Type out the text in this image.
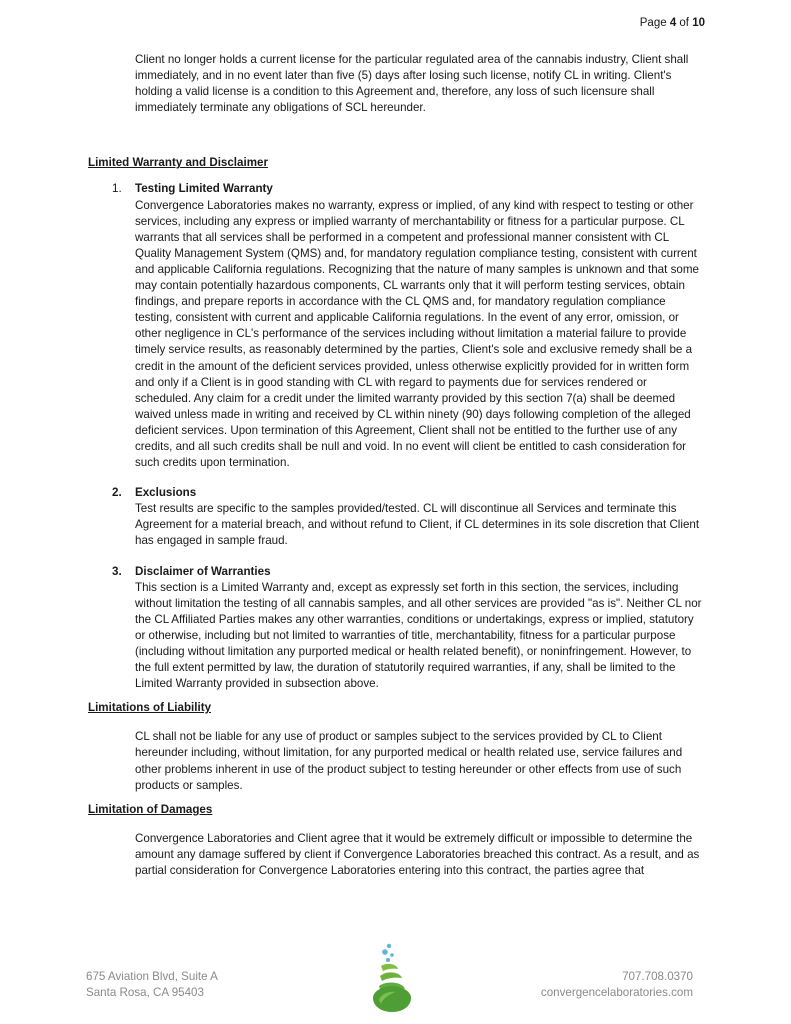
Page 4 of 10

Client no longer holds a current license for the particular regulated area of the cannabis industry, Client shall immediately, and in no event later than five (5) days after losing such license, notify CL in writing. Client's holding a valid license is a condition to this Agreement and, therefore, any loss of such licensure shall immediately terminate any obligations of SCL hereunder.

Limited Warranty and Disclaimer

1. Testing Limited Warranty

Convergence Laboratories makes no warranty, express or implied, of any kind with respect to testing or other services, including any express or implied warranty of merchantability or fitness for a particular purpose. CL warrants that all services shall be performed in a competent and professional manner consistent with CL Quality Management System (QMS) and, for mandatory regulation compliance testing, consistent with current and applicable California regulations. Recognizing that the nature of many samples is unknown and that some may contain potentially hazardous components, CL warrants only that it will perform testing services, obtain findings, and prepare reports in accordance with the CL QMS and, for mandatory regulation compliance testing, consistent with current and applicable California regulations. In the event of any error, omission, or other negligence in CL's performance of the services including without limitation a material failure to provide timely service results, as reasonably determined by the parties, Client's sole and exclusive remedy shall be a credit in the amount of the deficient services provided, unless otherwise explicitly provided for in written form and only if a Client is in good standing with CL with regard to payments due for services rendered or scheduled. Any claim for a credit under the limited warranty provided by this section 7(a) shall be deemed waived unless made in writing and received by CL within ninety (90) days following completion of the alleged deficient services. Upon termination of this Agreement, Client shall not be entitled to the further use of any credits, and all such credits shall be null and void. In no event will client be entitled to cash consideration for such credits upon termination.

2. Exclusions

Test results are specific to the samples provided/tested. CL will discontinue all Services and terminate this Agreement for a material breach, and without refund to Client, if CL determines in its sole discretion that Client has engaged in sample fraud.

3. Disclaimer of Warranties

This section is a Limited Warranty and, except as expressly set forth in this section, the services, including without limitation the testing of all cannabis samples, and all other services are provided "as is". Neither CL nor the CL Affiliated Parties makes any other warranties, conditions or undertakings, express or implied, statutory or otherwise, including but not limited to warranties of title, merchantability, fitness for a particular purpose (including without limitation any purported medical or health related benefit), or noninfringement. However, to the full extent permitted by law, the duration of statutorily required warranties, if any, shall be limited to the Limited Warranty provided in subsection above.

Limitations of Liability

CL shall not be liable for any use of product or samples subject to the services provided by CL to Client hereunder including, without limitation, for any purported medical or health related use, service failures and other problems inherent in use of the product subject to testing hereunder or other effects from use of such products or samples.

Limitation of Damages

Convergence Laboratories and Client agree that it would be extremely difficult or impossible to determine the amount any damage suffered by client if Convergence Laboratories breached this contract. As a result, and as partial consideration for Convergence Laboratories entering into this contract, the parties agree that

675 Aviation Blvd, Suite A
Santa Rosa, CA 95403
707.708.0370
convergencelaboratories.com
